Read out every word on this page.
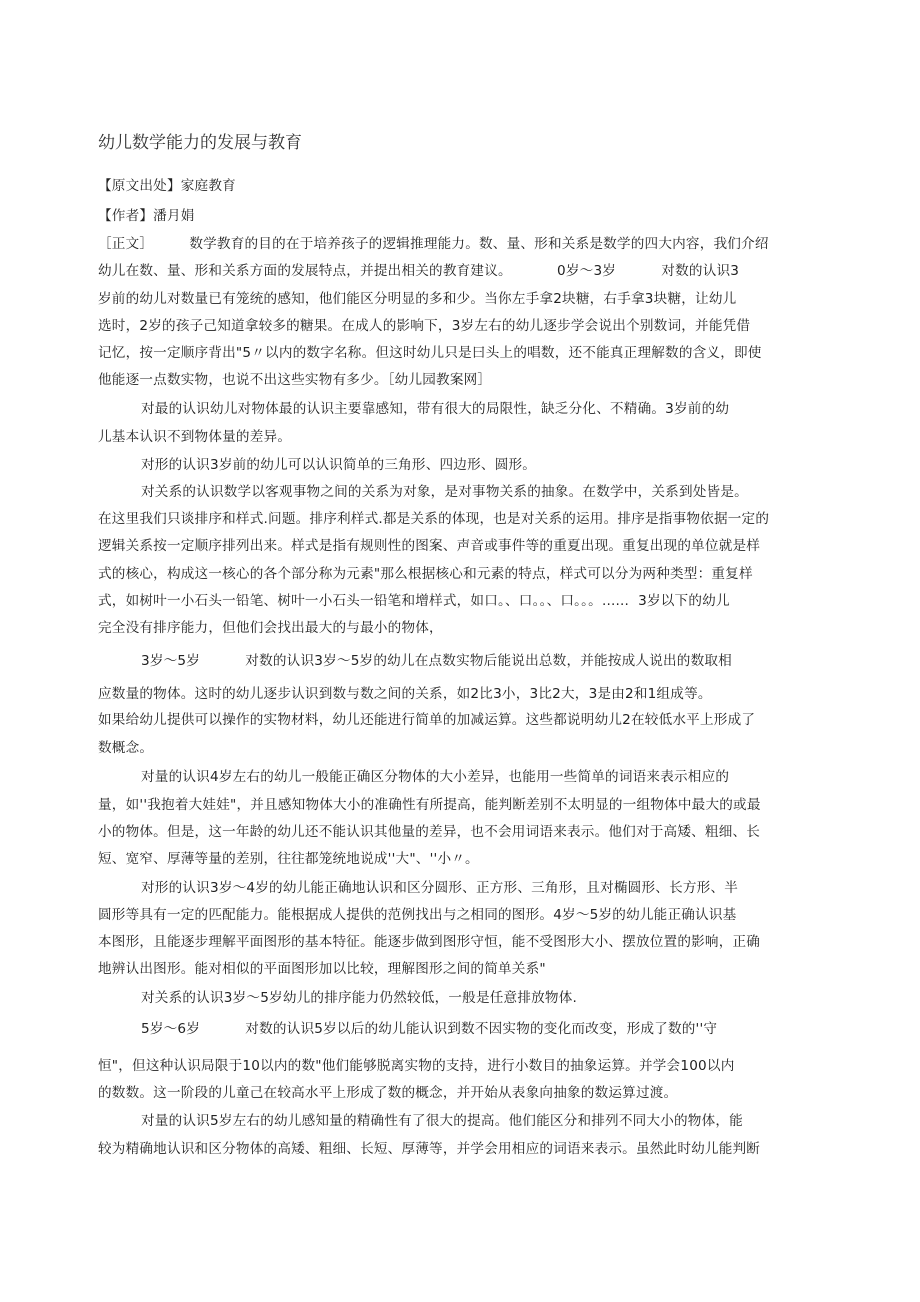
幼儿数学能力的发展与教育
【原文出处】家庭教育
【作者】潘月娟
［正文］        数学教育的目的在于培养孩子的逻辑推理能力。数、量、形和关系是数学的四大内容，我们介绍
幼儿在数、量、形和关系方面的发展特点，并提出相关的教育建议。          0岁～3岁          对数的认识3
岁前的幼儿对数量已有笼统的感知，他们能区分明显的多和少。当你左手拿2块糖，右手拿3块糖，让幼儿
选时，2岁的孩子己知道拿较多的糖果。在成人的影响下，3岁左右的幼儿逐步学会说出个别数词，并能凭借
记忆，按一定顺序背出"5〃以内的数字名称。但这时幼儿只是曰头上的唱数，还不能真正理解数的含义，即使
他能逐一点数实物，也说不出这些实物有多少。［幼儿园教案网］
对最的认识幼儿对物体最的认识主要靠感知，带有很大的局限性，缺乏分化、不精确。3岁前的幼
儿基本认识不到物体量的差异。
对形的认识3岁前的幼儿可以认识简单的三角形、四边形、圆形。
对关系的认识数学以客观事物之间的关系为对象，是对事物关系的抽象。在数学中，关系到处皆是。
在这里我们只谈排序和样式.问题。排序利样式.都是关系的体现，也是对关系的运用。排序是指事物依据一定的
逻辑关系按一定顺序排列出来。样式是指有规则性的图案、声音或事件等的重夏出现。重复出现的单位就是样
式的核心，构成这一核心的各个部分称为元素"那么根据核心和元素的特点，样式可以分为两种类型：重复样
式，如树叶一小石头一铅笔、树叶一小石头一铅笔和增样式，如口。、口。。、口。。。......  3岁以下的幼儿
完全没有排序能力，但他们会找出最大的与最小的物体，
3岁～5岁          对数的认识3岁～5岁的幼儿在点数实物后能说出总数，并能按成人说出的数取相
应数量的物体。这时的幼儿逐步认识到数与数之间的关系，如2比3小，3比2大，3是由2和1组成等。
如果给幼儿提供可以操作的实物材料，幼儿还能进行简单的加减运算。这些都说明幼儿2在较低水平上形成了
数概念。
对量的认识4岁左右的幼儿一般能正确区分物体的大小差异，也能用一些简单的词语来表示相应的
量，如''我抱着大娃娃"，并且感知物体大小的准确性有所提高，能判断差别不太明显的一组物体中最大的或最
小的物体。但是，这一年龄的幼儿还不能认识其他量的差异，也不会用词语来表示。他们对于高矮、粗细、长
短、宽窄、厚薄等量的差别，往往都笼统地说成''大"、''小〃。
对形的认识3岁～4岁的幼儿能正确地认识和区分圆形、正方形、三角形，且对椭圆形、长方形、半
圆形等具有一定的匹配能力。能根据成人提供的范例找出与之相同的图形。4岁～5岁的幼儿能正确认识基
本图形，且能逐步理解平面图形的基本特征。能逐步做到图形守恒，能不受图形大小、摆放位置的影响，正确
地辨认出图形。能对相似的平面图形加以比较，理解图形之间的简单关系"
对关系的认识3岁～5岁幼儿的排序能力仍然较低，一般是任意排放物体.
5岁～6岁          对数的认识5岁以后的幼儿能认识到数不因实物的变化而改变，形成了数的''守
恒"，但这种认识局限于10以内的数"他们能够脱离实物的支持，进行小数目的抽象运算。并学会100以内
的数数。这一阶段的儿童己在较高水平上形成了数的概念，并开始从表象向抽象的数运算过渡。
对量的认识5岁左右的幼儿感知量的精确性有了很大的提高。他们能区分和排列不同大小的物体，能
较为精确地认识和区分物体的高矮、粗细、长短、厚薄等，并学会用相应的词语来表示。虽然此时幼儿能判断
